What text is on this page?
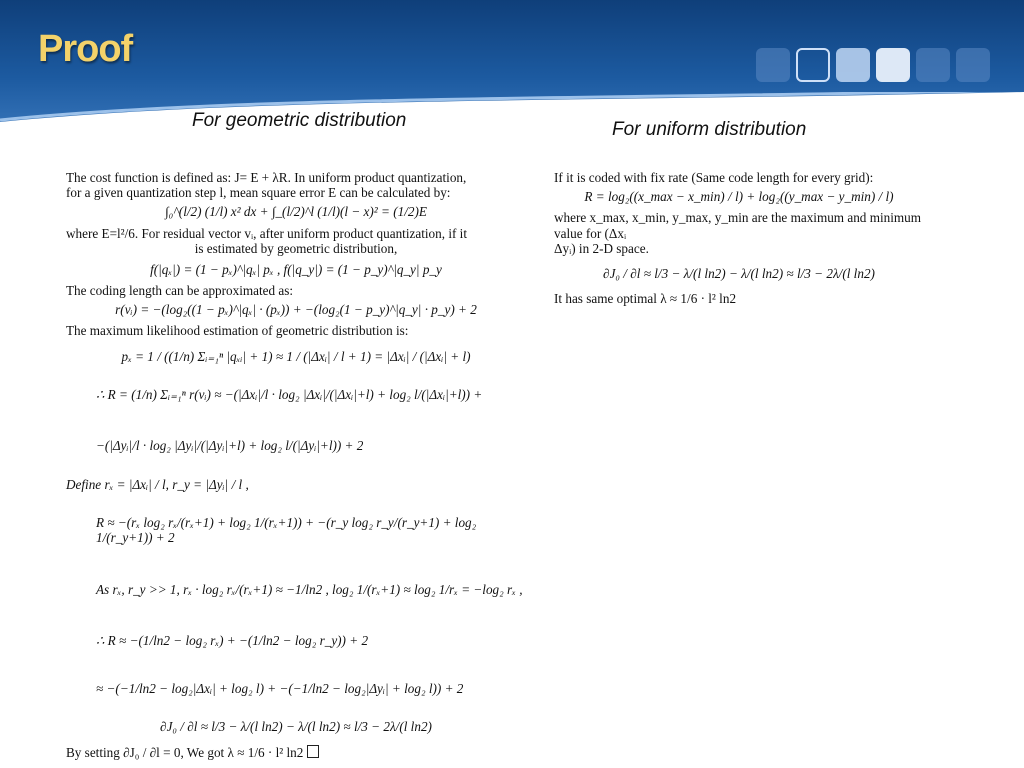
Proof
For geometric distribution	For uniform distribution

The cost function is defined as: J= E + λR. In uniform product quantization,

for a given quantization step l, mean square error E can be calculated by:

∫₀^(l/2) (1/l) x² dx + ∫_(l/2)^l (1/l)(l − x)² = (1/2)E

where E=l²/6. For residual vector vᵢ, after uniform product quantization, if it

is estimated by geometric distribution,

f(|qₓ|) = (1 − pₓ)^|qₓ| pₓ , f(|q_y|) = (1 − p_y)^|q_y| p_y

The coding length can be approximated as:

r(vᵢ) = −(log₂((1 − pₓ)^|qₓ| · (pₓ)) + −(log₂(1 − p_y)^|q_y| · p_y) + 2

The maximum likelihood estimation of geometric distribution is:

pₓ = 1 / ((1/n) Σᵢ₌₁ⁿ |qₓᵢ| + 1) ≈ 1 / (|Δxᵢ| / l + 1) = |Δxᵢ| / (|Δxᵢ| + l)

∴ R = (1/n) Σᵢ₌₁ⁿ r(vᵢ) ≈ −(|Δxᵢ|/l · log₂ |Δxᵢ|/(|Δxᵢ|+l) + log₂ l/(|Δxᵢ|+l)) +

−(|Δyᵢ|/l · log₂ |Δyᵢ|/(|Δyᵢ|+l) + log₂ l/(|Δyᵢ|+l)) + 2

Define rₓ = |Δxᵢ| / l, r_y = |Δyᵢ| / l ,

R ≈ −(rₓ log₂ rₓ/(rₓ+1) + log₂ 1/(rₓ+1)) + −(r_y log₂ r_y/(r_y+1) + log₂ 1/(r_y+1)) + 2

As rₓ, r_y >> 1, rₓ · log₂ rₓ/(rₓ+1) ≈ −1/ln2 , log₂ 1/(rₓ+1) ≈ log₂ 1/rₓ = −log₂ rₓ ,

∴ R ≈ −(1/ln2 − log₂ rₓ) + −(1/ln2 − log₂ r_y)) + 2

≈ −(−1/ln2 − log₂|Δxᵢ| + log₂ l) + −(−1/ln2 − log₂|Δyᵢ| + log₂ l)) + 2

∂J₀ / ∂l ≈ l/3 − λ/(l ln2) − λ/(l ln2) ≈ l/3 − 2λ/(l ln2)

By setting ∂J₀ / ∂l = 0, We got λ ≈ 1/6 · l² ln2

If it is coded with fix rate (Same code length for every grid):

R = log₂((x_max − x_min) / l) + log₂((y_max − y_min) / l)

where x_max, x_min, y_max, y_min are the maximum and minimum value for (Δxᵢ

Δyᵢ) in 2-D space.

∂J₀ / ∂l ≈ l/3 − λ/(l ln2) − λ/(l ln2) ≈ l/3 − 2λ/(l ln2)

It has same optimal λ ≈ 1/6 · l² ln2
